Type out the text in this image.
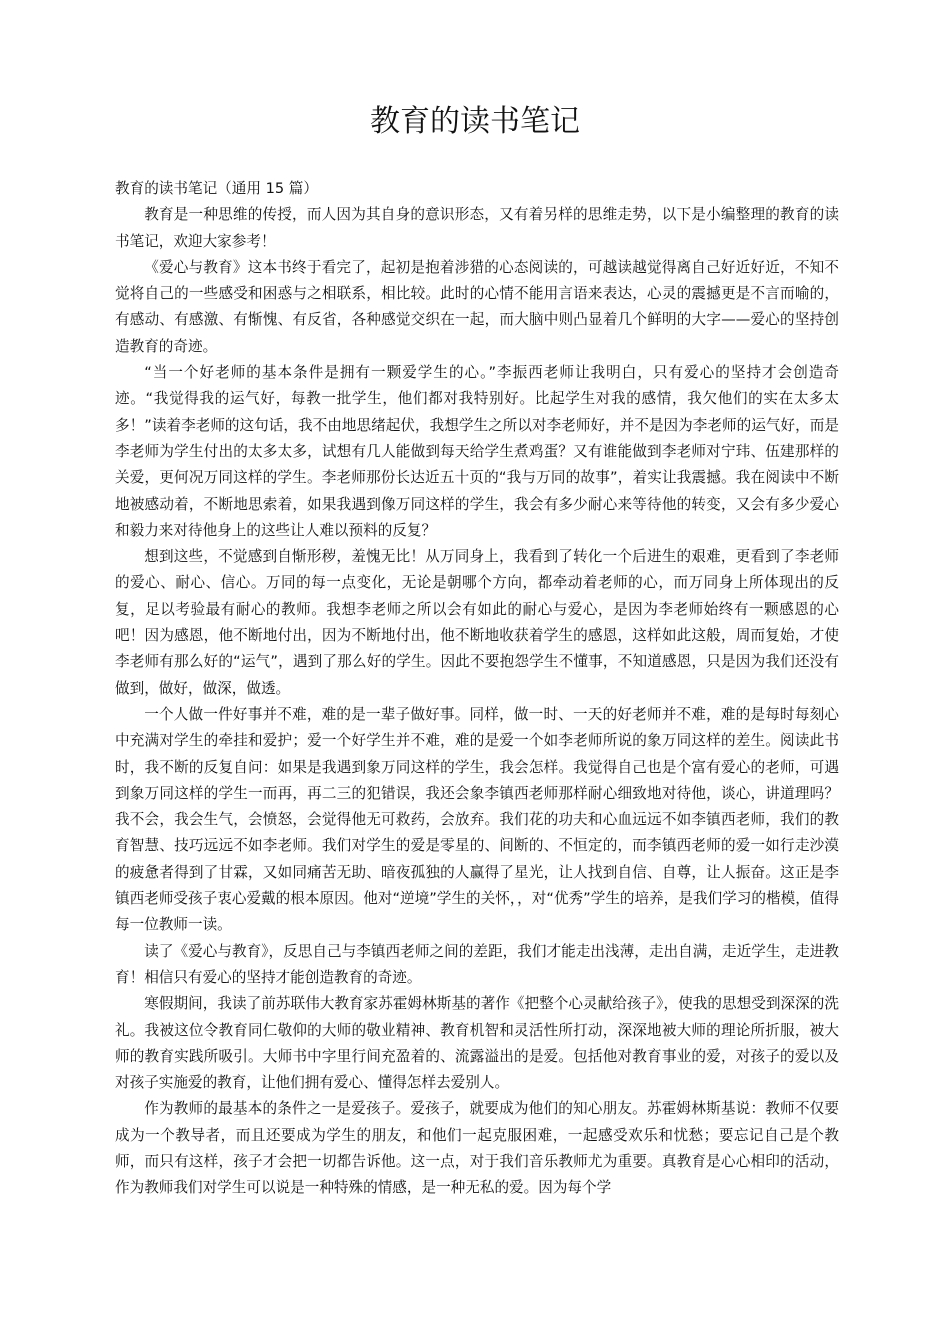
教育的读书笔记

教育的读书笔记（通用 15 篇）

教育是一种思维的传授，而人因为其自身的意识形态，又有着另样的思维走势，以下是小编整理的教育的读书笔记，欢迎大家参考！

《爱心与教育》这本书终于看完了，起初是抱着涉猎的心态阅读的，可越读越觉得离自己好近好近，不知不觉将自己的一些感受和困惑与之相联系，相比较。此时的心情不能用言语来表达，心灵的震撼更是不言而喻的，有感动、有感激、有惭愧、有反省，各种感觉交织在一起，而大脑中则凸显着几个鲜明的大字——爱心的坚持创造教育的奇迹。

“当一个好老师的基本条件是拥有一颗爱学生的心。”李振西老师让我明白，只有爱心的坚持才会创造奇迹。“我觉得我的运气好，每教一批学生，他们都对我特别好。比起学生对我的感情，我欠他们的实在太多太多！”读着李老师的这句话，我不由地思绪起伏，我想学生之所以对李老师好，并不是因为李老师的运气好，而是李老师为学生付出的太多太多，试想有几人能做到每天给学生煮鸡蛋？又有谁能做到李老师对宁玮、伍建那样的关爱，更何况万同这样的学生。李老师那份长达近五十页的“我与万同的故事”，着实让我震撼。我在阅读中不断地被感动着，不断地思索着，如果我遇到像万同这样的学生，我会有多少耐心来等待他的转变，又会有多少爱心和毅力来对待他身上的这些让人难以预料的反复？

想到这些，不觉感到自惭形秽，羞愧无比！从万同身上，我看到了转化一个后进生的艰难，更看到了李老师的爱心、耐心、信心。万同的每一点变化，无论是朝哪个方向，都牵动着老师的心，而万同身上所体现出的反复，足以考验最有耐心的教师。我想李老师之所以会有如此的耐心与爱心，是因为李老师始终有一颗感恩的心吧！因为感恩，他不断地付出，因为不断地付出，他不断地收获着学生的感恩，这样如此这般，周而复始，才使李老师有那么好的“运气”，遇到了那么好的学生。因此不要抱怨学生不懂事，不知道感恩，只是因为我们还没有做到，做好，做深，做透。

一个人做一件好事并不难，难的是一辈子做好事。同样，做一时、一天的好老师并不难，难的是每时每刻心中充满对学生的牵挂和爱护；爱一个好学生并不难，难的是爱一个如李老师所说的象万同这样的差生。阅读此书时，我不断的反复自问：如果是我遇到象万同这样的学生，我会怎样。我觉得自己也是个富有爱心的老师，可遇到象万同这样的学生一而再，再二三的犯错误，我还会象李镇西老师那样耐心细致地对待他，谈心，讲道理吗？我不会，我会生气，会愤怒，会觉得他无可救药，会放弃。我们花的功夫和心血远远不如李镇西老师，我们的教育智慧、技巧远远不如李老师。我们对学生的爱是零星的、间断的、不恒定的，而李镇西老师的爱一如行走沙漠的疲惫者得到了甘霖，又如同痛苦无助、暗夜孤独的人赢得了星光，让人找到自信、自尊，让人振奋。这正是李镇西老师受孩子衷心爱戴的根本原因。他对“逆境”学生的关怀，，对“优秀”学生的培养，是我们学习的楷模，值得每一位教师一读。

读了《爱心与教育》，反思自己与李镇西老师之间的差距，我们才能走出浅薄，走出自满，走近学生，走进教育！相信只有爱心的坚持才能创造教育的奇迹。

寒假期间，我读了前苏联伟大教育家苏霍姆林斯基的著作《把整个心灵献给孩子》，使我的思想受到深深的洗礼。我被这位令教育同仁敬仰的大师的敬业精神、教育机智和灵活性所打动，深深地被大师的理论所折服，被大师的教育实践所吸引。大师书中字里行间充盈着的、流露溢出的是爱。包括他对教育事业的爱，对孩子的爱以及对孩子实施爱的教育，让他们拥有爱心、懂得怎样去爱别人。

作为教师的最基本的条件之一是爱孩子。爱孩子，就要成为他们的知心朋友。苏霍姆林斯基说：教师不仅要成为一个教导者，而且还要成为学生的朋友，和他们一起克服困难，一起感受欢乐和忧愁；要忘记自己是个教师，而只有这样，孩子才会把一切都告诉他。这一点，对于我们音乐教师尤为重要。真教育是心心相印的活动，作为教师我们对学生可以说是一种特殊的情感，是一种无私的爱。因为每个学
